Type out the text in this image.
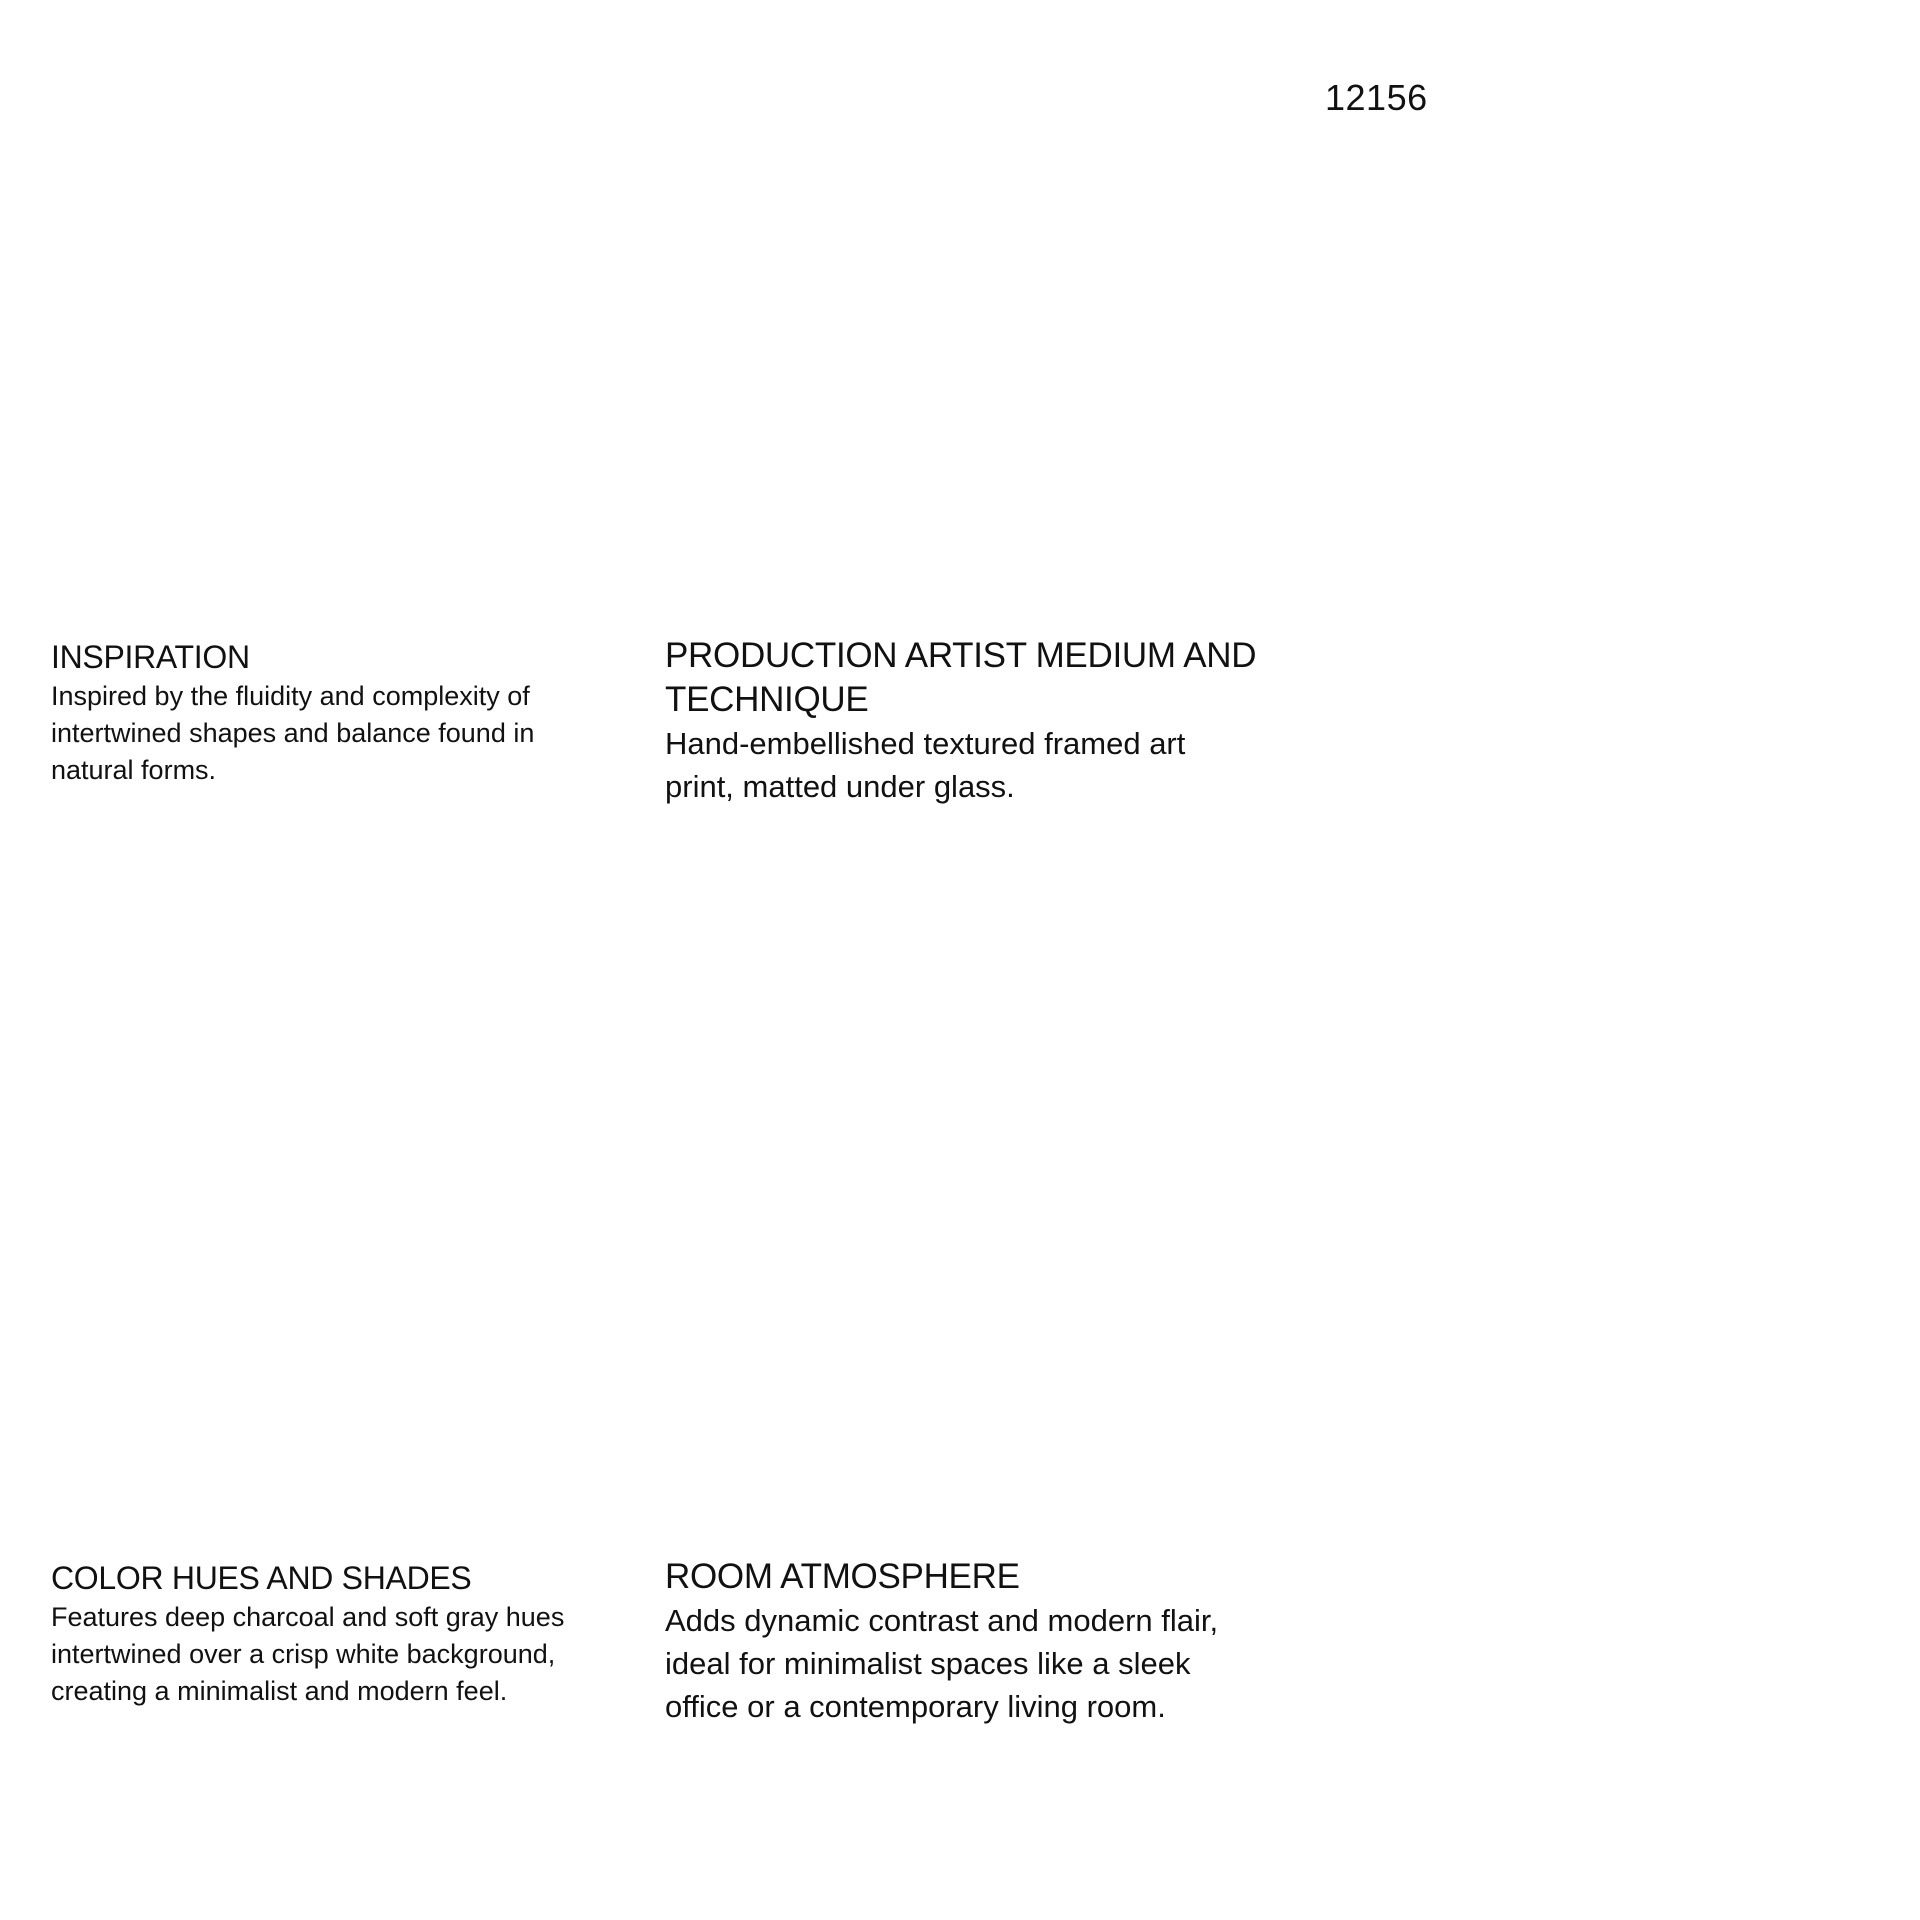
12156

INSPIRATION

Inspired by the fluidity and complexity of intertwined shapes and balance found in natural forms.

PRODUCTION ARTIST MEDIUM AND TECHNIQUE

Hand-embellished textured framed art print, matted under glass.

COLOR HUES AND SHADES

Features deep charcoal and soft gray hues intertwined over a crisp white background, creating a minimalist and modern feel.

ROOM ATMOSPHERE

Adds dynamic contrast and modern flair, ideal for minimalist spaces like a sleek office or a contemporary living room.
